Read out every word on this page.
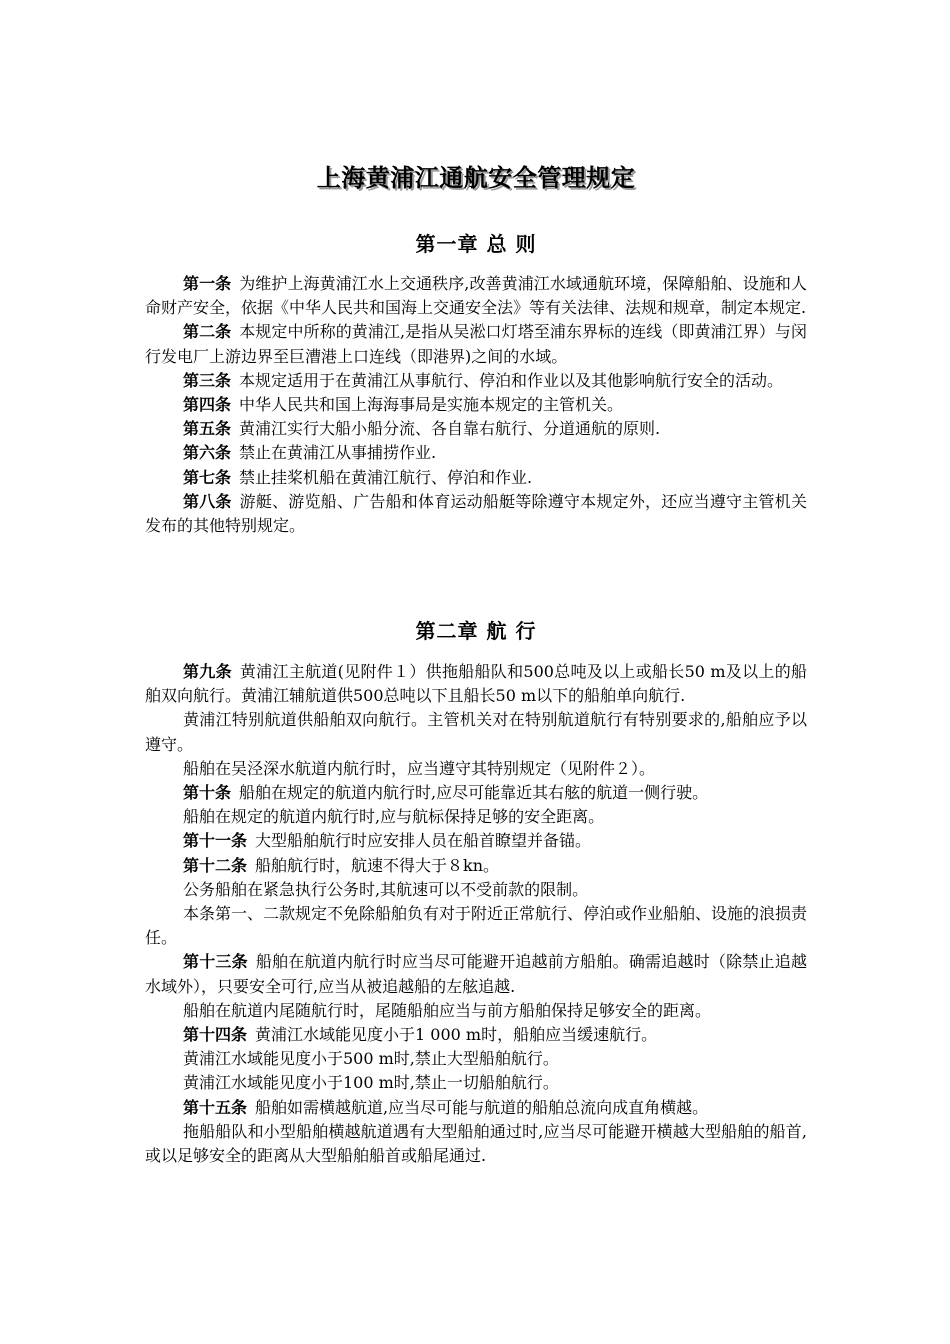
上海黄浦江通航安全管理规定
第一章 总 则

第一条 为维护上海黄浦江水上交通秩序,改善黄浦江水域通航环境，保障船舶、设施和人命财产安全，依据《中华人民共和国海上交通安全法》等有关法律、法规和规章，制定本规定.

第二条 本规定中所称的黄浦江,是指从吴淞口灯塔至浦东界标的连线（即黄浦江界）与闵行发电厂上游边界至巨漕港上口连线（即港界)之间的水域。

第三条 本规定适用于在黄浦江从事航行、停泊和作业以及其他影响航行安全的活动。

第四条 中华人民共和国上海海事局是实施本规定的主管机关。

第五条 黄浦江实行大船小船分流、各自靠右航行、分道通航的原则.

第六条 禁止在黄浦江从事捕捞作业.

第七条 禁止挂桨机船在黄浦江航行、停泊和作业.

第八条 游艇、游览船、广告船和体育运动船艇等除遵守本规定外，还应当遵守主管机关发布的其他特别规定。

第二章 航 行

第九条 黄浦江主航道(见附件１）供拖船船队和500总吨及以上或船长50 m及以上的船舶双向航行。黄浦江辅航道供500总吨以下且船长50 m以下的船舶单向航行.

黄浦江特别航道供船舶双向航行。主管机关对在特别航道航行有特别要求的,船舶应予以遵守。

船舶在吴泾深水航道内航行时，应当遵守其特别规定（见附件２）。

第十条 船舶在规定的航道内航行时,应尽可能靠近其右舷的航道一侧行驶。

船舶在规定的航道内航行时,应与航标保持足够的安全距离。

第十一条 大型船舶航行时应安排人员在船首瞭望并备锚。

第十二条 船舶航行时，航速不得大于８kn。

公务船舶在紧急执行公务时,其航速可以不受前款的限制。

本条第一、二款规定不免除船舶负有对于附近正常航行、停泊或作业船舶、设施的浪损责任。

第十三条 船舶在航道内航行时应当尽可能避开追越前方船舶。确需追越时（除禁止追越水域外），只要安全可行,应当从被追越船的左舷追越.

船舶在航道内尾随航行时，尾随船舶应当与前方船舶保持足够安全的距离。

第十四条 黄浦江水域能见度小于1 000 m时，船舶应当缓速航行。

黄浦江水域能见度小于500 m时,禁止大型船舶航行。

黄浦江水域能见度小于100 m时,禁止一切船舶航行。

第十五条 船舶如需横越航道,应当尽可能与航道的船舶总流向成直角横越。

拖船船队和小型船舶横越航道遇有大型船舶通过时,应当尽可能避开横越大型船舶的船首,或以足够安全的距离从大型船舶船首或船尾通过.
